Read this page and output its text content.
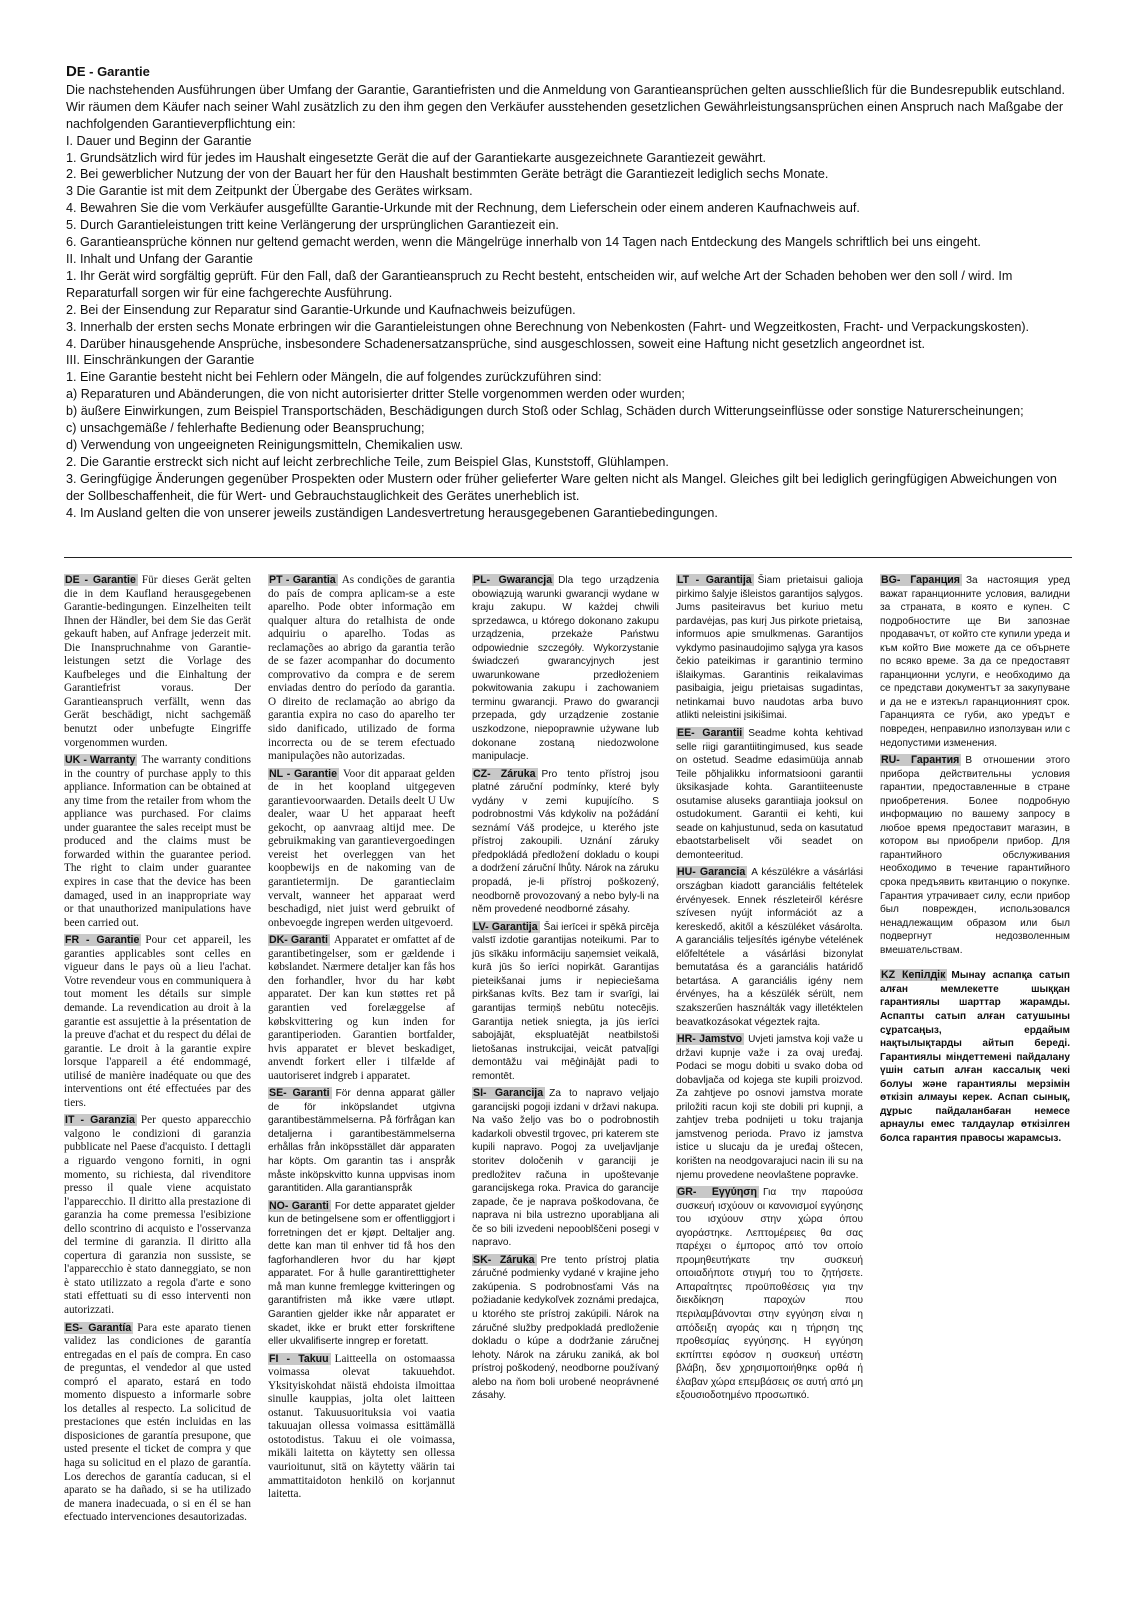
DE - Garantie

Die nachstehenden Ausführungen über Umfang der Garantie, Garantiefristen und die Anmeldung von Garantieansprüchen gelten ausschließlich für die Bundesrepublik eutschland.

Wir räumen dem Käufer nach seiner Wahl zusätzlich zu den ihm gegen den Verkäufer ausstehenden gesetzlichen Gewährleistungsansprüchen einen Anspruch nach Maßgabe der nachfolgenden Garantieverpflichtung ein:

I. Dauer und Beginn der Garantie

1. Grundsätzlich wird für jedes im Haushalt eingesetzte Gerät die auf der Garantiekarte ausgezeichnete Garantiezeit gewährt.

2. Bei gewerblicher Nutzung der von der Bauart her für den Haushalt bestimmten Geräte beträgt die Garantiezeit lediglich sechs Monate.

3 Die Garantie ist mit dem Zeitpunkt der Übergabe des Gerätes wirksam.

4. Bewahren Sie die vom Verkäufer ausgefüllte Garantie-Urkunde mit der Rechnung, dem Lieferschein oder einem anderen Kaufnachweis auf.

5. Durch Garantieleistungen tritt keine Verlängerung der ursprünglichen Garantiezeit ein.

6. Garantieansprüche können nur geltend gemacht werden, wenn die Mängelrüge innerhalb von 14 Tagen nach Entdeckung des Mangels schriftlich bei uns eingeht.

II. Inhalt und Unfang der Garantie

1. Ihr Gerät wird sorgfältig geprüft. Für den Fall, daß der Garantieanspruch zu Recht besteht, entscheiden wir, auf welche Art der Schaden behoben wer den soll / wird. Im Reparaturfall sorgen wir für eine fachgerechte Ausführung.

2. Bei der Einsendung zur Reparatur sind Garantie-Urkunde und Kaufnachweis beizufügen.

3. Innerhalb der ersten sechs Monate erbringen wir die Garantieleistungen ohne Berechnung von Nebenkosten (Fahrt- und Wegzeitkosten, Fracht- und Verpackungskosten).

4. Darüber hinausgehende Ansprüche, insbesondere Schadenersatzansprüche, sind ausgeschlossen, soweit eine Haftung nicht gesetzlich angeordnet ist.

III. Einschränkungen der Garantie

1. Eine Garantie besteht nicht bei Fehlern oder Mängeln, die auf folgendes zurückzuführen sind:

a) Reparaturen und Abänderungen, die von nicht autorisierter dritter Stelle vorgenommen werden oder wurden;

b) äußere Einwirkungen, zum Beispiel Transportschäden, Beschädigungen durch Stoß oder Schlag, Schäden durch Witterungseinflüsse oder sonstige Naturerscheinungen;

c) unsachgemäße / fehlerhafte Bedienung oder Beanspruchung;

d) Verwendung von ungeeigneten Reinigungsmitteln, Chemikalien usw.

2. Die Garantie erstreckt sich nicht auf leicht zerbrechliche Teile, zum Beispiel Glas, Kunststoff, Glühlampen.

3. Geringfügige Änderungen gegenüber Prospekten oder Mustern oder früher gelieferter Ware gelten nicht als Mangel. Gleiches gilt bei lediglich geringfügigen Abweichungen von der Sollbeschaffenheit, die für Wert- und Gebrauchstauglichkeit des Gerätes unerheblich ist.

4. Im Ausland gelten die von unserer jeweils zuständigen Landesvertretung herausgegebenen Garantiebedingungen.

DE - Garantie Für dieses Gerät gelten die in dem Kaufland herausgegebenen Garantie-bedingungen. Einzelheiten teilt Ihnen der Händler, bei dem Sie das Gerät gekauft haben, auf Anfrage jederzeit mit. Die Inanspruchnahme von Garantie-leistungen setzt die Vorlage des Kaufbeleges und die Einhaltung der Garantiefrist voraus. Der Garantieanspruch verfällt, wenn das Gerät beschädigt, nicht sachgemäß benutzt oder unbefugte Eingriffe vorgenommen wurden.
UK - Warranty The warranty conditions in the country of purchase apply to this appliance. Information can be obtained at any time from the retailer from whom the appliance was purchased. For claims under guarantee the sales receipt must be produced and the claims must be forwarded within the guarantee period. The right to claim under guarantee expires in case that the device has been damaged, used in an inappropriate way or that unauthorized manipulations have been carried out.
FR - Garantie Pour cet appareil, les garanties applicables sont celles en vigueur dans le pays où a lieu l'achat. Votre revendeur vous en communiquera à tout moment les détails sur simple demande. La revendication au droit à la garantie est assujettie à la présentation de la preuve d'achat et du respect du délai de garantie. Le droit à la garantie expire lorsque l'appareil a été endommagé, utilisé de manière inadéquate ou que des interventions ont été effectuées par des tiers.
IT - Garanzia Per questo apparecchio valgono le condizioni di garanzia pubblicate nel Paese d'acquisto. I dettagli a riguardo vengono forniti, in ogni momento, su richiesta, dal rivenditore presso il quale viene acquistato l'apparecchio. Il diritto alla prestazione di garanzia ha come premessa l'esibizione dello scontrino di acquisto e l'osservanza del termine di garanzia. Il diritto alla copertura di garanzia non sussiste, se l'apparecchio è stato danneggiato, se non è stato utilizzato a regola d'arte e sono stati effettuati su di esso interventi non autorizzati.
ES- Garantía Para este aparato tienen validez las condiciones de garantía entregadas en el país de compra. En caso de preguntas, el vendedor al que usted compró el aparato, estará en todo momento dispuesto a informarle sobre los detalles al respecto. La solicitud de prestaciones que estén incluidas en las disposiciones de garantía presupone, que usted presente el ticket de compra y que haga su solicitud en el plazo de garantía. Los derechos de garantía caducan, si el aparato se ha dañado, si se ha utilizado de manera inadecuada, o si en él se han efectuado intervenciones desautorizadas.
PT - Garantia As condições de garantia do país de compra aplicam-se a este aparelho. Pode obter informação em qualquer altura do retalhista de onde adquiriu o aparelho. Todas as reclamações ao abrigo da garantia terão de se fazer acompanhar do documento comprovativo da compra e de serem enviadas dentro do período da garantia. O direito de reclamação ao abrigo da garantia expira no caso do aparelho ter sido danificado, utilizado de forma incorrecta ou de se terem efectuado manipulações não autorizadas.
NL - Garantie Voor dit apparaat gelden de in het koopland uitgegeven garantievoorwaarden. Details deelt U Uw dealer, waar U het apparaat heeft gekocht, op aanvraag altijd mee. De gebruikmaking van garantievergoedingen vereist het overleggen van het koopbewijs en de nakoming van de garantietermijn. De garantieclaim vervalt, wanneer het apparaat werd beschadigd, niet juist werd gebruikt of onbevoegde ingrepen werden uitgevoerd.
DK- Garanti Apparatet er omfattet af de garantibetingelser, som er gældende i købslandet. Nærmere detaljer kan fås hos den forhandler, hvor du har købt apparatet. Der kan kun støttes ret på garantien ved forelæggelse af købskvittering og kun inden for garantiperioden. Garantien bortfalder, hvis apparatet er blevet beskadiget, anvendt forkert eller i tilfælde af uautoriseret indgreb i apparatet.
SE- Garanti För denna apparat gäller de för inköpslandet utgivna garantibestämmelserna. På förfrågan kan detaljerna i garantibestämmelserna erhållas från inköpsstället där apparaten har köpts. Om garantin tas i anspråk måste inköpskvitto kunna uppvisas inom garantitiden. Alla garantianspråk
NO- Garanti For dette apparatet gjelder kun de betingelsene som er offentliggjort i forretningen det er kjøpt. Deltaljer ang. dette kan man til enhver tid få hos den fagforhandleren hvor du har kjøpt apparatet. For å hulle garantiretttigheter må man kunne fremlegge kvitteringen og garantifristen må ikke være utløpt. Garantien gjelder ikke når apparatet er skadet, ikke er brukt etter forskriftene eller ukvalifiserte inngrep er foretatt.
FI - Takuu Laitteella on ostomaassa voimassa olevat takuuehdot. Yksityiskohdat näistä ehdoista ilmoittaa sinulle kauppias, jolta olet laitteen ostanut. Takuusuorituksia voi vaatia takuuajan ollessa voimassa esittämällä ostotodistus. Takuu ei ole voimassa, mikäli laitetta on käytetty sen ollessa vaurioitunut, sitä on käytetty väärin tai ammattitaidoton henkilö on korjannut laitetta.
PL- Gwarancja Dla tego urządzenia obowiązują warunki gwarancji wydane w kraju zakupu. W każdej chwili sprzedawca, u którego dokonano zakupu urządzenia, przekaże Państwu odpowiednie szczegóły. Wykorzystanie świadczeń gwarancyjnych jest uwarunkowane przedłożeniem pokwitowania zakupu i zachowaniem terminu gwarancji. Prawo do gwarancji przepada, gdy urządzenie zostanie uszkodzone, niepoprawnie używane lub dokonane zostaną niedozwolone manipulacje.
CZ- Záruka Pro tento přístroj jsou platné záruční podmínky, které byly vydány v zemi kupujícího. S podrobnostmi Vás kdykoliv na požádání seznámí Váš prodejce, u kterého jste přístroj zakoupili. Uznání záruky předpokládá předložení dokladu o koupi a dodržení záruční lhůty. Nárok na záruku propadá, je-li přístroj poškozený, neodborně provozovaný a nebo byly-li na něm provedené neodborné zásahy.
LV- Garantija Šai ierīcei ir spēkā pircēja valstī izdotie garantijas noteikumi. Par to jūs sīkāku informāciju saņemsiet veikalā, kurā jūs šo ierīci nopirkāt. Garantijas pieteikšanai jums ir nepieciešama pirkšanas kvīts. Bez tam ir svarīgi, lai garantijas termiņš nebūtu notecējis. Garantija netiek sniegta, ja jūs ierīci sabojājāt, ekspluatējāt neatbilstoši lietošanas instrukcijai, veicāt patvaļīgi demontāžu vai mēģinājāt padi to remontēt.
SI- Garancija Za to napravo veljajo garancijski pogoji izdani v državi nakupa. Na vašo željo vas bo o podrobnostih kadarkoli obvestil trgovec, pri katerem ste kupili napravo. Pogoj za uveljavljanje storitev določenih v garanciji je predložitev računa in upoštevanje garancijskega roka. Pravica do garancije zapade, če je naprava poškodovana, če naprava ni bila ustrezno uporabljana ali če so bili izvedeni nepooblščeni posegi v napravo.
SK- Záruka Pre tento prístroj platia záručné podmienky vydané v krajine jeho zakúpenia. S podrobnosťami Vás na požiadanie kedykoľvek zoznámi predajca, u ktorého ste prístroj zakúpili. Nárok na záručné služby predpokladá predloženie dokladu o kúpe a dodržanie záručnej lehoty. Nárok na záruku zaniká, ak bol prístroj poškodený, neodborne používaný alebo na ňom boli urobené neoprávnené zásahy.
LT - Garantija Šiam prietaisui galioja pirkimo šalyje išleistos garantijos sąlygos. Jums pasiteiravus bet kuriuo metu pardavėjas, pas kurį Jus pirkote prietaisą, informuos apie smulkmenas. Garantijos vykdymo pasinaudojimo sąlyga yra kasos čekio pateikimas ir garantinio termino išlaikymas. Garantinis reikalavimas pasibaigia, jeigu prietaisas sugadintas, netinkamai buvo naudotas arba buvo atlikti neleistini įsikišimai.
EE- Garantii Seadme kohta kehtivad selle riigi garantiitingimused, kus seade on ostetud. Seadme edasimüüja annab Teile põhjalikku informatsiooni garantii üksikasjade kohta. Garantiiteenuste osutamise aluseks garantiiaja jooksul on ostudokument. Garantii ei kehti, kui seade on kahjustunud, seda on kasutatud ebaotstarbeliselt või seadet on demonteeritud.
HU- Garancia A készülékre a vásárlási országban kiadott garanciális feltételek érvényesek. Ennek részleteiről kérésre szívesen nyújt információt az a kereskedő, akitől a készüléket vásárolta. A garanciális teljesítés igénybe vételének előfeltétele a vásárlási bizonylat bemutatása és a garanciális határidő betartása. A garanciális igény nem érvényes, ha a készülék sérült, nem szakszerűen használták vagy illetéktelen beavatkozásokat végeztek rajta.
HR- Jamstvo Uvjeti jamstva koji važe u državi kupnje važe i za ovaj uređaj. Podaci se mogu dobiti u svako doba od dobavljača od kojega ste kupili proizvod. Za zahtjeve po osnovi jamstva morate priložiti racun koji ste dobili pri kupnji, a zahtjev treba podnijeti u toku trajanja jamstvenog perioda. Pravo iz jamstva istice u slucaju da je uređaj oštecen, korišten na neodgovarajuci nacin ili su na njemu provedene neovlaštene popravke.
GR- Εγγύηση Για την παρούσα συσκευή ισχύουν οι κανονισμοί εγγύησης του ισχύουν στην χώρα όπου αγοράστηκε. Λεπτομέρειες θα σας παρέχει ο έμπορος από τον οποίο προμηθευτήκατε την συσκευή οποιαδήποτε στιγμή του το ζητήσετε. Απαραίτητες προϋποθέσεις για την διεκδίκηση παροχών που περιλαμβάνονται στην εγγύηση είναι η απόδειξη αγοράς και η τήρηση της προθεσμίας εγγύησης. Η εγγύηση εκπίπτει εφόσον η συσκευή υπέστη βλάβη, δεν χρησιμοποιήθηκε ορθά ή έλαβαν χώρα επεμβάσεις σε αυτή από μη εξουσιοδοτημένο προσωπικό.
BG- Гаранция За настоящия уред важат гаранционните условия, валидни за страната, в която е купен. С подробностите ще Ви запознае продавачът, от който сте купили уреда и към който Вие можете да се обърнете по всяко време. За да се предоставят гаранционни услуги, е необходимо да се представи документът за закупуване и да не е изтекъл гаранционният срок. Гаранцията се губи, ако уредът е повреден, неправилно използуван или с недопустими изменения.
RU- Гарантия В отношении этого прибора действительны условия гарантии, предоставленные в стране приобретения. Более подробную информацию по вашему запросу в любое время предоставит магазин, в котором вы приобрели прибор. Для гарантийного обслуживания необходимо в течение гарантийного срока предъявить квитанцию о покупке. Гарантия утрачивает силу, если прибор был поврежден, использовался ненадлежащим образом или был подвергнут недозволенным вмешательствам.
KZ Кепілдік Мынау аспапқа сатып алған мемлекетте шыққан гарантиялы шарттар жарамды. Аспапты сатып алған сатушыны сұратсаңыз, ердайым нақтылықтарды айтып береді. Гарантиялы міндеттемені пайдалану үшін сатып алған кассалық чекі болуы және гарантиялы мерзімін өткізіп алмауы керек. Аспап сынық, дұрыс пайдаланбаған немесе арнаулы емес талдаулар өткізілген болса гарантия правосы жарамсыз.
